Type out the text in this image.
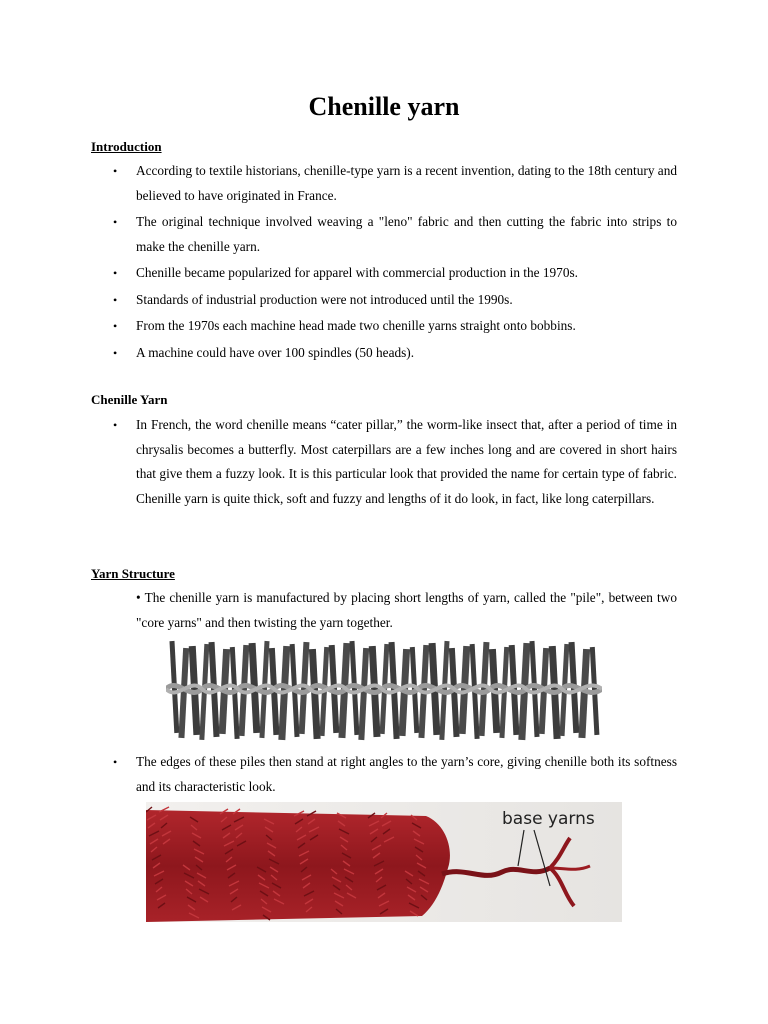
Chenille yarn

Introduction

• According to textile historians, chenille-type yarn is a recent invention, dating to the 18th century and believed to have originated in France.
• The original technique involved weaving a "leno" fabric and then cutting the fabric into strips to make the chenille yarn.
• Chenille became popularized for apparel with commercial production in the 1970s.
• Standards of industrial production were not introduced until the 1990s.
• From the 1970s each machine head made two chenille yarns straight onto bobbins.
• A machine could have over 100 spindles (50 heads).

Chenille Yarn

• In French, the word chenille means “cater pillar,” the worm-like insect that, after a period of time in chrysalis becomes a butterfly. Most caterpillars are a few inches long and are covered in short hairs that give them a fuzzy look. It is this particular look that provided the name for certain type of fabric. Chenille yarn is quite thick, soft and fuzzy and lengths of it do look, in fact, like long caterpillars.

Yarn Structure

• The chenille yarn is manufactured by placing short lengths of yarn, called the "pile", between two "core yarns" and then twisting the yarn together.

• The edges of these piles then stand at right angles to the yarn’s core, giving chenille both its softness and its characteristic look.
base yarns
